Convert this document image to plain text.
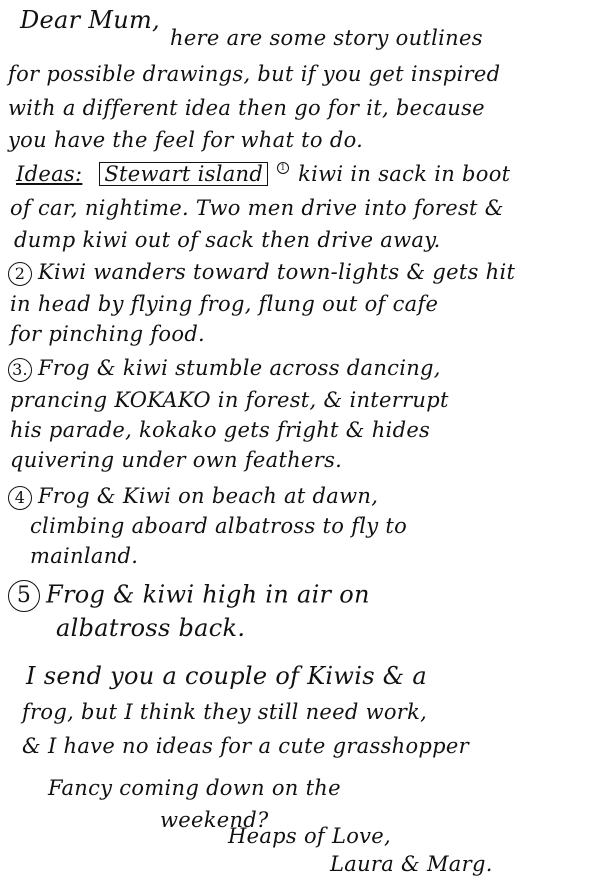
Dear Mum,
here are some story outlines
for possible drawings, but if you get inspired
with a different idea then go for it, because
you have the feel for what to do.
Ideas: Stewart island 1 kiwi in sack in boot
of car, nightime. Two men drive into forest &
dump kiwi out of sack then drive away.
2 Kiwi wanders toward town-lights & gets hit
in head by flying frog, flung out of cafe
for pinching food.
3. Frog & kiwi stumble across dancing,
prancing KOKAKO in forest, & interrupt
his parade, kokako gets fright & hides
quivering under own feathers.
4 Frog & Kiwi on beach at dawn,
climbing aboard albatross to fly to
mainland.
5 Frog & kiwi high in air on
albatross back.
I send you a couple of Kiwis & a
frog, but I think they still need work,
& I have no ideas for a cute grasshopper
Fancy coming down on the
weekend?
Heaps of Love,
Laura & Marg.
